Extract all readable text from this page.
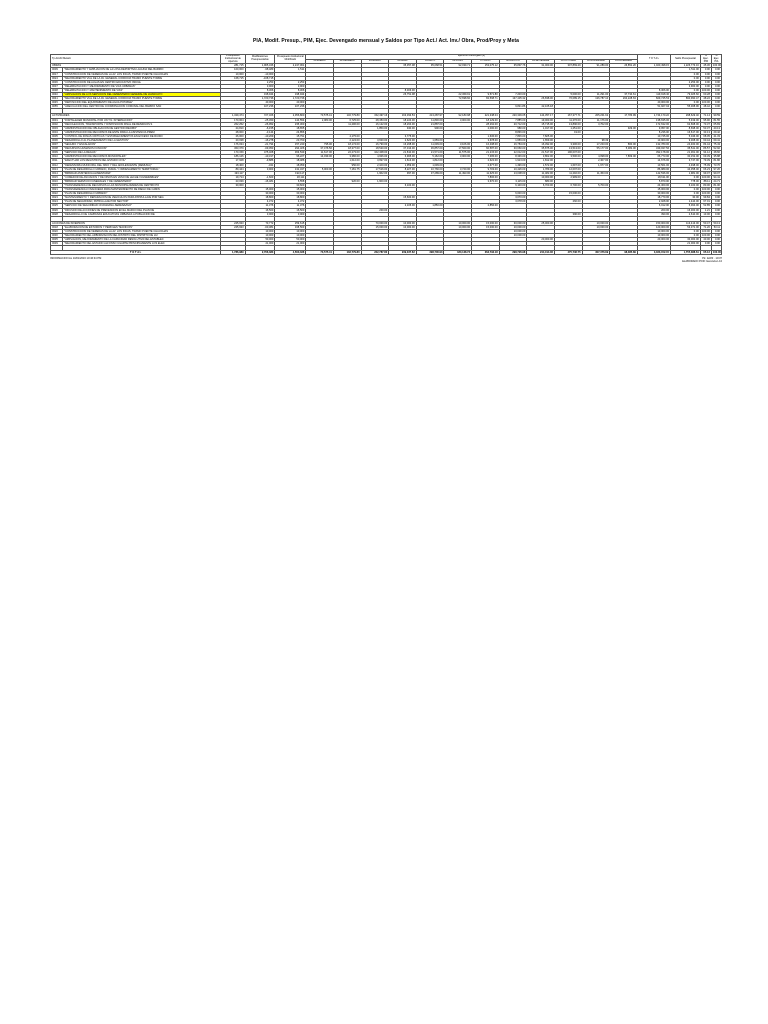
PIA, Modif. Presup., PIM, Ejec. Devengado mensual y Saldos por Tipo Act./ Act. Inv./ Obra, Prod/Proy y Meta
Tp.Act/AI/ Meta/A		Presupuesto Institucional de Apertura	Modificaciones Presupuestarias	Presupuesto Institucional Modificado	Ejecución Devengado (2)												T O T A L	Saldo Presupuestal	% Ejec. PIM	% Ejec. PIA
					01-ENERO	02-FEBRERO	03-MARZO	04-ABRIL	05-MAYO	06-JUNIO	07-JULIO	08-AGOSTO	09-SETIEMBRE	10-OCTUBRE	11-NOVIEMBRE	12-DICIEMBRE				
OBRAS		281,715	1,965,346	2,247,061				35,357.08	95,068.51	92,039.71	153,075.12	35,897.76	31,000.00	307,869.29	91,289.00	26,851.20	1,020,498.15	1,226,773.16	45.30	100.00
0009	"MEJORAMIENTO Y AMPLIACION DE LA LOSA DEPORTIVA LAGUNA DEL BARRIO	100,000	-98,489	1,511														1,511.00	0.00	0.00
0017	"CONSTRUCCION DE VEREDAS DE LA AV. LOS INCAS, TRAMO PUENTE CHAUCHAS	10,000	-10,000															0.00	0.00	0.00
0024	"MEJORAMIENTO VIAL DE LA AV. GENERAL CORDOVA TRAMO PUENTE TORRE	168,715	-168,715															0.00	0.00	0.00
0036	"CONSTRUCCION DE AULAS EN CENTRO EDUCATIVO INICIAL		2,253	2,253														2,253.00	0.00	0.00
0037	"REHABILITACION Y MEJORAMIENTO DE VIAS URBANAS"		3,900	3,900														3,900.00	0.00	0.00
0038	"REHABILITACION Y MANTENIMIENTO DE VIAS"		8,306	8,306				8,306.00									8,306.00	0.00	100.00	0.00
0040	"AMPLIACION DE LOS SERVICIOS DEL CEMENTERIO GENERAL DE HUANCAYO		198,944	198,944				26,751.08		22,369.91	9,571.80	7,200.00		5,000.00	11,291.00	37,734.61	119,918.40	79,025.60	60.28	0.00
0041	"MEJORAMIENTO VIAL DE LA AV. GENERAL CORDOVA TRAMO PUENTE TORRE		1,720,736	1,720,736						72,698.60	82,568.71	137,435.32	26,838.00	76,089.15	136,787.10	264,228.63	829,745.53	890,990.47	48.22	0.00
0045	"REPOSICION DEL EQUIPAMIENTO DE AGUA POTABLE"		40,000	40,000													40,000.00	0.00	100.00	0.00
0055	"ADECUACION DEL CENTRO DE COORDINACION COMUNAL DEL BARRIO SAN		107,236	107,236								9,821.86	42,105.18				51,927.04	55,308.96	48.42	0.00

ACTIVIDADES		1,329,474	727,326	2,056,800	73,575.41	132,779.80	152,497.16	163,393.53	213,287.97	92,183.98	221,338.04	220,339.05	144,357.17	167,377.71	205,201.62	17,783.99	1,744,170.22	298,629.40	71.14	99.59
0001	"FORTALECER MUNICIPAL POR UN T.N. INTERNACIÓN"	170,004	-25,450	144,554	2,080.00	6,725.00	28,453.00	18,224.00	11,800.00	3,000.00	18,129.00	7,885.00	19,000.00	11,276.00	11,176.00		138,635.00	5,919.00	95.90	81.55
0002	"RECOLECCION, TRANSPORTE Y DISPOSICION FINAL DE RESIDUOS S	262,252	-26,952	235,300		11,296.00	16,122.00	18,264.00	21,887.00		28,262.00	20,712.00	15,715.00	13,890.00	3,702.00		172,632.00	62,668.00	73.37	65.83
0003	"ADMINISTRACION DE OBLIGACION DE GESTION RECIBO"	24,810	-6,155	18,655			1,850.00	940.00	990.00		2,000.00	980.00	1,017.00	1,251.00		929.00	9,957.00	8,698.00	53.37	40.13
0004	"ADMINISTRACION DE RECURSOS DE ENTE PARA LA ASISTENCIA PREM	28,000	-3,144	24,856								8,836.00		19.00			8,236.00	16,617.00	33.13	29.42
0005	"CONTROL DE ZONAS CRITICAS Y ESTABLECIMIENTOS EN EXCESO DE RUIDO	26,000	-10,209	15,791		4,175.00		3,775.00			1,636.00	7,806.00	7,825.00				10,745.00	5,046.00	68.05	41.33
0006	"DESARROLLO AL PLANEAMIENTO DE LA GESTION"	20,038	-16,278	23,760		2,124.00	3,630.00	2,620.00	1,659.00		3,678.00	1,659.00	1,659.00		98.39		13,900.00	9,308.00	60.44	69.41
0007	"SEGURO Y ESCALAFÓN"	176,034	-21,794	157,240	795.00	18,174.00	16,790.00	16,268.00	11,009.00	3,106.00	16,408.00	16,784.00	16,392.00	3,306.00	17,203.00	860.00	132,780.00	24,460.00	84.44	75.43
0008	"RECURSOS HUMANOS FUNCION"	363,379	-69,053	294,326	37,476.56	18,377.00	18,520.00	37,013.00	36,857.00	17,500.00	60,587.00	30,660.00	35,875.00	13,513.00	55,177.00	5,382.00	349,937.56	35,541.00	86.57	52.92
0009	"SERVICIO DE LA REGUA"	170,159	475,408	363,539	11,617.00	22,273.00	102,408.00	21,810.00	21,571.00	11,575.00	21,215.00	22,012.00	21,517.00	190,007.00			392,178.00	21,361.00	94.12	48.60
0010	"ADMINISTRACION DE RECURSOS MUNICIPALES"	186,126	-10,317	96,227	14,039.00	3,386.00	4,936.00	6,995.00	5,162.00	3,000.00	7,395.00	8,336.00	3,862.00	3,500.00	4,098.00	7,869.00	66,773.00	30,152.00	69.39	35.88
0011	"EFECTUAR LOS REGISTROS DEL ESTADO CIVIL"	17,928	-9,886	18,486		1,612.00	3,697.00	1,613.00	1,812.00		2,622.00	1,913.00	1,812.00		2,407.00		14,676.00	3,747.00	79.39	81.86
0012	"DEFENSORIA MUNICIPAL DEL NIÑO Y DEL ADOLESCENTE (DEMUNA)"	18,400	-341	18,059		950.00	2,100.00	1,959.00	1,009.00		2,677.00	1,496.00	1,572.00	1,697.00	1,977.00		13,561.00	4,498.00	75.09	73.70
0013	"PLAN DE DESARROLLO URBANO, RURAL Y ORDENAMIENTO TERRITORIAL"	89,444	3,903	131,347	5,000.00	7,181.75	17,516.00	8,227.00	10,766.00	3,740.00	9,703.00	10,426.00	1,789.00	12,097.00			86,989.00	44,358.00	66.23	97.26
0014	"BRINDAR ASISTENCIA ALIMENTARIA"	193,117		193,117			1,962.00	997.00	37,289.00	11,493.00	11,625.00	13,008.00	11,482.00	11,292.00	11,453.00		142,536.00	1,981.00	99.07	99.07
0015	"COMEDOR DE ANCIANOS Y DE NIÑOS EN VASO DE LECHE VULNERABLES"	19,714	-1,603	18,111							7,806.00		10,000.00	2,999.00			18,611.00	0.00	100.00	94.41
0016	"BRINDAR SERVICIO FUNERALES Y DE CEMENTERIO"	23,039	-16,481	6,558		920.00	1,600.00				3,670.00	3,115.00	880.00				5,870.00	778.00	88.11	24.71
0019	"TRANSFERENCIA DE RECURSOS A LAS MUNICIPALIDADES DE CENTRO PO	30,000		30,600				6,100.00				6,100.00	6,700.00	6,700.00	5,700.00		24,300.00	6,100.00	80.00	81.00
0021	"TRANSFERENCIA FINANCIERA PARA MANTENIMIENTO DE RIEGO DE CAMIN		15,000	15,000													15,000.00	0.00	100.00	0.00
0022	"PLAN DE DESARROLLO URBANO"		30,000	30,000								6,000.00		15,000.00			30,000.00	0.00	100.00	0.00
0023	"MANTENIMIENTO Y REPARACION DE VEHICULOS PARA PATRULLAJE POR SEG		18,800	18,800				15,600.00				3,070.00					18,770.00	30.00	99.84	0.00
0024	"PLAN DE SEGURIDAD, PATRULLAJE POR SECTOR"		4,372	4,372								3,078.00		260.00			2,928.00	1,444.00	67.01	0.00
0025	"SERVICIO DE SEGURIDAD CIUDADANA-SERENAZGO"		11,376	11,376				2,105.00	1,850.00		2,856.00						6,012.00	5,364.00	52.85	0.00
0026	"DIFUSION DE ACCIONES DE PREVENCION EN EL MARCO DEL PLAN DE		16,500	16,500			200.00										200.00	16,300.00	1.21	0.00
0028	"DESARROLLO DE CAMPAÑAS EDUCATIVAS URBANAS A POBLACION DE		3,000	3,000										390.00			390.00	2,610.00	13.00	0.00

ACCIONES DE INVERSION		225,933	73,772	259,615			70,000.00	10,000.00		10,000.00	15,000.00	30,000.00	25,000.00		10,000.00		150,000.00	113,413.00	50.47	59.13
0018	"ELABORACION DE ESTUDIOS Y PERFILES TECNICOS"	225,933	-60,381	168,563			15,000.00	10,000.00		10,000.00	15,000.00	10,000.00			10,000.00		120,000.00	53,371.00	71.20	53.11
0020	"CONSTRUCCION DE VEREDAS DE LA AV. LOS INCAS, TRAMO PUENTE CHAUCHAS		10,000	10,000								10,000.00					10,000.00	0.00	100.00	0.00
0030	"MEJORAMIENTO DEL ARBORIZACION DEL DISTRITO DEL DISTRITO DE HU		10,000	10,000								10,000.00					10,000.00	0.00	100.00	0.00
0035	"AMPLIACION, MEJORAMIENTO DE LA CAPACIDAD RESOLUTIVA DEL ESTABLEC		50,000	50,000									20,000.00				20,000.00	30,000.00	40.00	0.00
0039	"MEJORAMIENTO DEL ESTADIO ALFONSO UGARTE PRINCIPALMENTE LOS ELEC		21,000	21,000														21,000.00	0.00	0.00

T O T A L		1,786,989	2,766,383	4,563,336	73,575.41	132,779.80	222,787.80	239,037.62	298,700.93	180,138.72	363,793.18	298,726.98	244,014.06	475,736.75	307,376.69	98,385.89	3,023,152.15	1,755,388.61	65.12	100.00
INFORMACION AL 10/01/2016 10:46:34 PM	Pk: 12/20 · 10:37
ELABORADO POR: Gerencia LCJ
